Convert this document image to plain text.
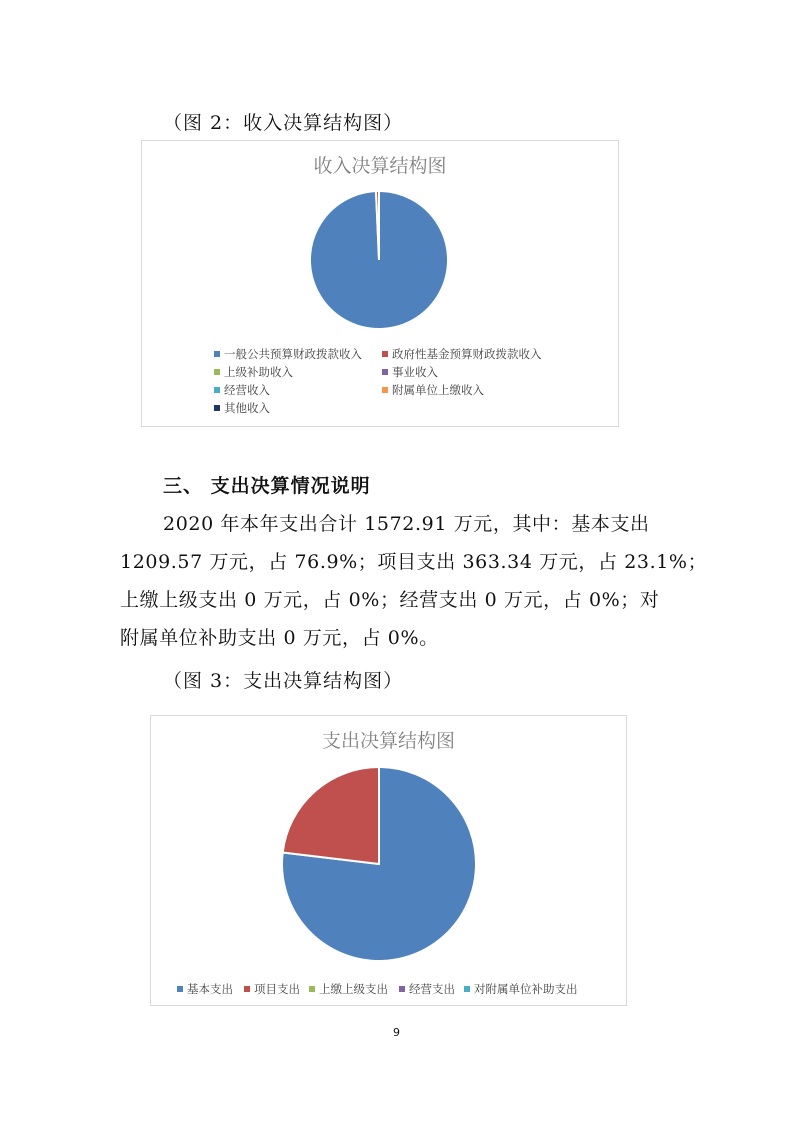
（图 2：收入决算结构图）
收入决算结构图
一般公共预算财政拨款收入	政府性基金预算财政拨款收入
上级补助收入	事业收入
经营收入	附属单位上缴收入
其他收入
三、 支出决算情况说明
2020 年本年支出合计 1572.91 万元，其中：基本支出
1209.57 万元，占 76.9%；项目支出 363.34 万元，占 23.1%；
上缴上级支出 0 万元，占 0%；经营支出 0 万元，占 0%；对
附属单位补助支出 0 万元，占 0%。
（图 3：支出决算结构图）
支出决算结构图
基本支出	项目支出	上缴上级支出	经营支出	对附属单位补助支出
9
